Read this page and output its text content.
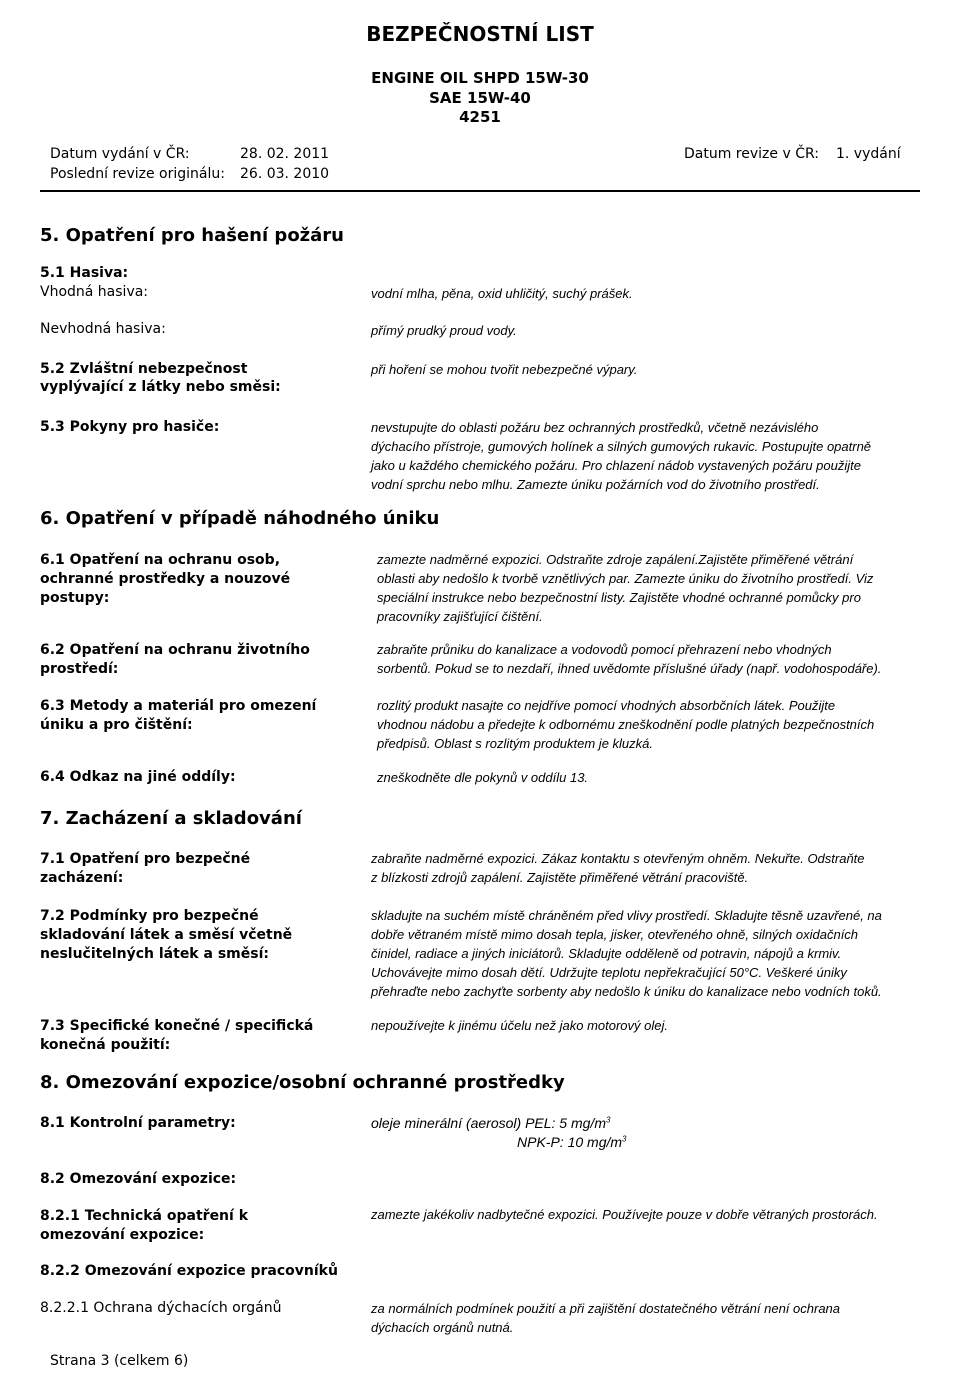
BEZPEČNOSTNÍ LIST
ENGINE OIL SHPD 15W-30
SAE 15W-40
4251
Datum vydání v ČR:	28. 02. 2011
Poslední revize originálu: 26. 03. 2010
Datum revize v ČR: 1. vydání
5. Opatření pro hašení požáru
5.1 Hasiva:
Vhodná hasiva:	vodní mlha, pěna, oxid uhličitý, suchý prášek.
Nevhodná hasiva:	přímý prudký proud vody.
5.2 Zvláštní nebezpečnost
vyplývající z látky nebo směsi:
při hoření se mohou tvořit nebezpečné výpary.
5.3 Pokyny pro hasiče:	nevstupujte do oblasti požáru bez ochranných prostředků, včetně nezávislého
dýchacího přístroje, gumových holínek a silných gumových rukavic. Postupujte opatrně
jako u každého chemického požáru. Pro chlazení nádob vystavených požáru použijte
vodní sprchu nebo mlhu. Zamezte úniku požárních vod do životního prostředí.
6. Opatření v případě náhodného úniku
6.1 Opatření na ochranu osob,
ochranné prostředky a nouzové
postupy:
zamezte nadměrné expozici. Odstraňte zdroje zapálení.Zajistěte přiměřené větrání
oblasti aby nedošlo k tvorbě vznětlivých par. Zamezte úniku do životního prostředí. Viz
speciální instrukce nebo bezpečnostní listy. Zajistěte vhodné ochranné pomůcky pro
pracovníky zajišťující čištění.
6.2 Opatření na ochranu životního
prostředí:
zabraňte průniku do kanalizace a vodovodů pomocí přehrazení nebo vhodných
sorbentů. Pokud se to nezdaří, ihned uvědomte příslušné úřady (např. vodohospodáře).
6.3 Metody a materiál pro omezení
úniku a pro čištění:
rozlitý produkt nasajte co nejdříve pomocí vhodných absorbčních látek. Použijte
vhodnou nádobu a předejte k odbornému zneškodnění podle platných bezpečnostních
předpisů. Oblast s rozlitým produktem je kluzká.
6.4 Odkaz na jiné oddíly:	zneškodněte dle pokynů v oddílu 13.
7. Zacházení a skladování
7.1 Opatření pro bezpečné
zacházení:
zabraňte nadměrné expozici. Zákaz kontaktu s otevřeným ohněm. Nekuřte. Odstraňte
z blízkosti zdrojů zapálení. Zajistěte přiměřené větrání pracoviště.
7.2 Podmínky pro bezpečné
skladování látek a směsí včetně
neslučitelných látek a směsí:
skladujte na suchém místě chráněném před vlivy prostředí. Skladujte těsně uzavřené, na
dobře větraném místě mimo dosah tepla, jisker, otevřeného ohně, silných oxidačních
činidel, radiace a jiných iniciátorů. Skladujte odděleně od potravin, nápojů a krmiv.
Uchovávejte mimo dosah dětí. Udržujte teplotu nepřekračující 50°C. Veškeré úniky
přehraďte nebo zachyťte sorbenty aby nedošlo k úniku do kanalizace nebo vodních toků.
7.3 Specifické konečné / specifická
konečná použití:
nepoužívejte k jinému účelu než jako motorový olej.
8. Omezování expozice/osobní ochranné prostředky
8.1 Kontrolní parametry:	oleje minerální (aerosol) PEL: 5 $mg/m^3$
NPK-P: 10 $mg/m^3$
8.2 Omezování expozice:
8.2.1 Technická opatření k
omezování expozice:
zamezte jakékoliv nadbytečné expozici. Používejte pouze v dobře větraných prostorách.
8.2.2 Omezování expozice pracovníků
8.2.2.1 Ochrana dýchacích orgánů	za normálních podmínek použití a při zajištění dostatečného větrání není ochrana
dýchacích orgánů nutná.
Strana 3 (celkem 6)
